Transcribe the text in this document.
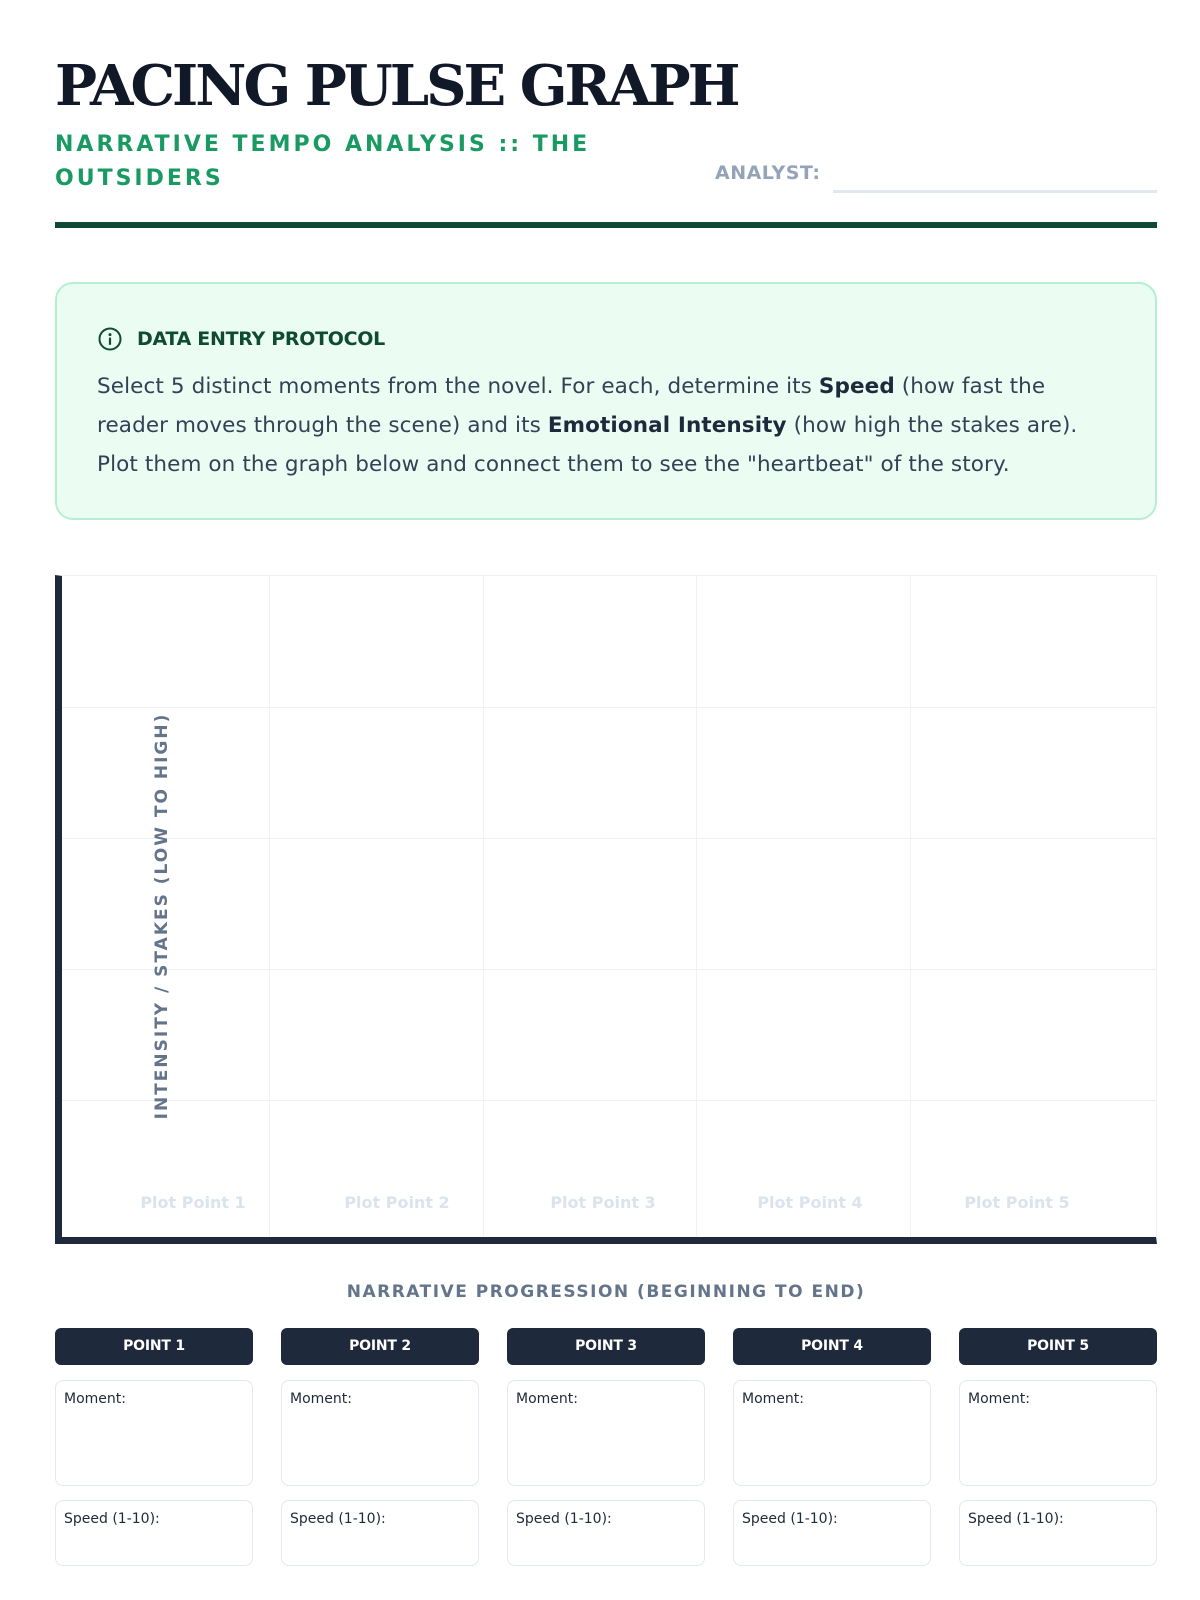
PACING PULSE GRAPH
NARRATIVE TEMPO ANALYSIS :: THE OUTSIDERS	ANALYST:
DATA ENTRY PROTOCOL

Select 5 distinct moments from the novel. For each, determine its Speed (how fast the reader moves through the scene) and its Emotional Intensity (how high the stakes are). Plot them on the graph below and connect them to see the "heartbeat" of the story.

INTENSITY / STAKES (LOW TO HIGH)
Plot Point 1	Plot Point 2	Plot Point 3	Plot Point 4	Plot Point 5
NARRATIVE PROGRESSION (BEGINNING TO END)
POINT 1
Moment:
Speed (1-10):
POINT 2
Moment:
Speed (1-10):
POINT 3
Moment:
Speed (1-10):
POINT 4
Moment:
Speed (1-10):
POINT 5
Moment:
Speed (1-10):
